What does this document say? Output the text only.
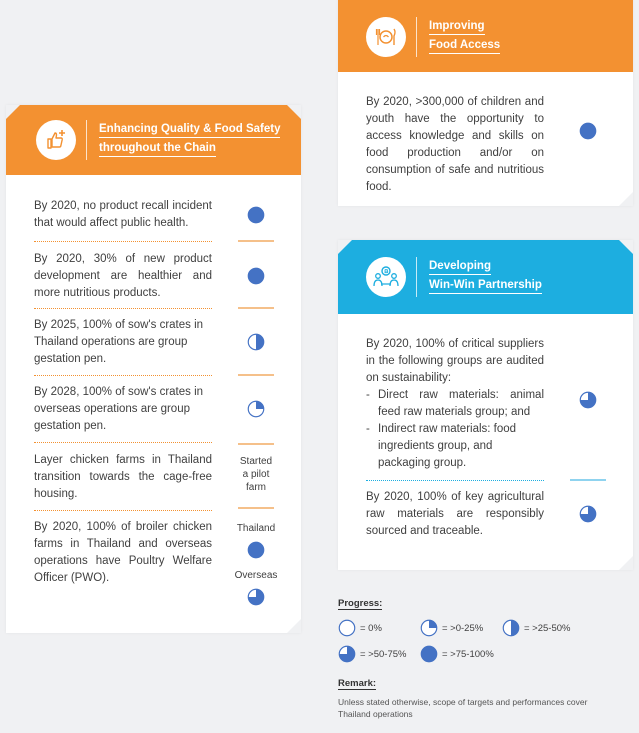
Enhancing Quality & Food Safety
throughout the Chain
By 2020, no product recall incident that would affect public health.
By 2020, 30% of new product development are healthier and more nutritious products.
By 2025, 100% of sow's crates in Thailand operations are group gestation pen.
By 2028, 100% of sow's crates in overseas operations are group gestation pen.
Layer chicken farms in Thailand transition towards the cage-free housing.
Started
a pilot
farm
By 2020, 100% of broiler chicken farms in Thailand and overseas operations have Poultry Welfare Officer (PWO).
Thailand
Overseas
Improving
Food Access
By 2020, >300,000 of children and youth have the opportunity to access knowledge and skills on food production and/or on consumption of safe and nutritious food.
Developing
Win-Win Partnership
By 2020, 100% of critical suppliers in the following groups are audited on sustainability:
- Direct raw materials: animal feed raw materials group; and
- Indirect raw materials: food ingredients group, and packaging group.
By 2020, 100% of key agricultural raw materials are responsibly sourced and traceable.
Progress:
= 0%	= >0-25%	= >25-50%
= >50-75%	= >75-100%
Remark:
Unless stated otherwise, scope of targets and performances cover
Thailand operations
